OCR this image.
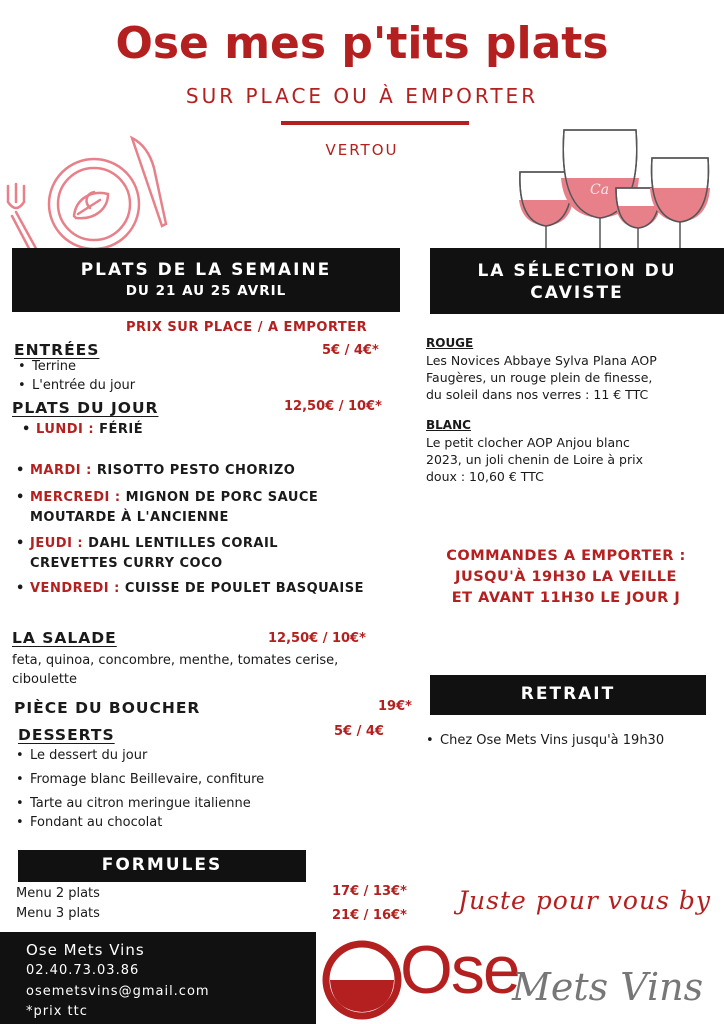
Ose mes p'tits plats
SUR PLACE OU À EMPORTER
VERTOU
Ca
PLATS DE LA SEMAINE
DU 21 AU 25 AVRIL
PRIX SUR PLACE / A EMPORTER
ENTRÉES	5€ / 4€*
• Terrine
• L'entrée du jour
PLATS DU JOUR	12,50€ / 10€*
• LUNDI : FÉRIÉ
• MARDI : RISOTTO PESTO CHORIZO
• MERCREDI : MIGNON DE PORC SAUCE
MOUTARDE À L'ANCIENNE
• JEUDI : DAHL LENTILLES CORAIL
CREVETTES CURRY COCO
• VENDREDI : CUISSE DE POULET BASQUAISE
LA SALADE	12,50€ / 10€*
feta, quinoa, concombre, menthe, tomates cerise,
ciboulette
PIÈCE DU BOUCHER	19€*
DESSERTS	5€ / 4€
• Le dessert du jour
• Fromage blanc Beillevaire, confiture
• Tarte au citron meringue italienne
• Fondant au chocolat
FORMULES
Menu 2 plats	17€ / 13€*
Menu 3 plats	21€ / 16€*
LA SÉLECTION DU
CAVISTE
ROUGE
Les Novices Abbaye Sylva Plana AOP
Faugères, un rouge plein de finesse,
du soleil dans nos verres : 11 € TTC
BLANC
Le petit clocher AOP Anjou blanc
2023, un joli chenin de Loire à prix
doux : 10,60 € TTC
COMMANDES A EMPORTER :
JUSQU'À 19H30 LA VEILLE
ET AVANT 11H30 LE JOUR J
RETRAIT
• Chez Ose Mets Vins jusqu'à 19h30
Ose Mets Vins
02.40.73.03.86
osemetsvins@gmail.com
*prix ttc
Juste pour vous by
Ose
Mets Vins
